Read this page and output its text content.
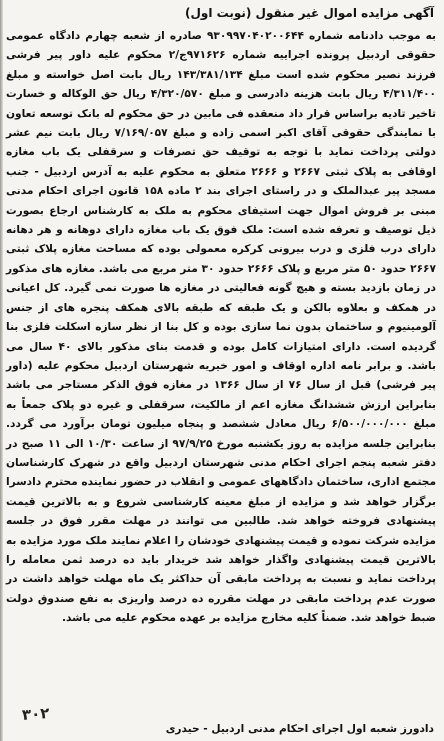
آگهی مزایده اموال غیر منقول (نوبت اول)
به موجب دادنامه شماره ۹۳۰۹۹۷۰۴۰۲۰۰۶۴۴ صادره از شعبه چهارم دادگاه عمومی حقوقی اردبیل پرونده اجراییه شماره ۹۷۱۶۲۶ج/۲ محکوم علیه داور پیر فرشی فرزند نصیر محکوم شده است مبلغ ۱۴۳/۳۸۱/۱۳۴ ریال بابت اصل خواسته و مبلغ ۴/۳۱۱/۴۰۰ ریال بابت هزینه دادرسی و مبلغ ۴/۳۲۰/۵۷۰ ریال حق الوکاله و خسارت تاخیر تادیه براساس قرار داد منعقده فی مابین در حق محکوم له بانک توسعه تعاون با نمایندگی حقوقی آقای اکبر اسمی زاده و مبلغ ۷/۱۶۹/۰۵۷ ریال بابت نیم عشر دولتی پرداخت نماید با توجه به توقیف حق تصرفات و سرقفلی یک باب مغازه اوقافی به پلاک ثبتی ۲۶۶۷ و ۲۶۶۶ متعلق به محکوم علیه به آدرس اردبیل - جنب مسجد پیر عبدالملک و در راستای اجرای بند ۲ ماده ۱۵۸ قانون اجرای احکام مدنی مبنی بر فروش اموال جهت استیفای محکوم به ملک به کارشناس ارجاع بصورت ذیل توصیف و تعرفه شده است: ملک فوق یک باب مغازه دارای دوهانه و هر دهانه دارای درب فلزی و درب بیرونی کرکره معمولی بوده که مساحت مغازه پلاک ثبتی ۲۶۶۷ حدود ۵۰ متر مربع و پلاک ۲۶۶۶ حدود ۳۰ متر مربع می باشد. مغازه های مذکور در زمان بازدید بسته و هیچ گونه فعالیتی در مغازه ها صورت نمی گیرد. کل اعیانی در همکف و بعلاوه بالکن و یک طبقه که طبقه بالای همکف پنجره های از جنس آلومینیوم و ساختمان بدون نما سازی بوده و کل بنا از نظر سازه اسکلت فلزی بنا گردیده است. دارای امتیازات کامل بوده و قدمت بنای مذکور بالای ۴۰ سال می باشد. و برابر نامه اداره اوقاف و امور خیریه شهرستان اردبیل محکوم علیه (داور پیر فرشی) قبل از سال ۷۶ از سال ۱۳۶۶ در مغازه فوق الذکر مستاجر می باشد بنابراین ارزش ششدانگ مغازه اعم از مالکیت، سرقفلی و غیره دو پلاک جمعاً به مبلغ ۶/۵۰۰/۰۰۰/۰۰۰ ریال معادل ششصد و پنجاه میلیون تومان برآورد می گردد. بنابراین جلسه مزایده به روز یکشنبه مورخ ۹۷/۹/۲۵ از ساعت ۱۰/۳۰ الی ۱۱ صبح در دفتر شعبه پنجم اجرای احکام مدنی شهرستان اردبیل واقع در شهرک کارشناسان مجتمع اداری، ساختمان دادگاههای عمومی و انقلاب در حضور نماینده محترم دادسرا برگزار خواهد شد و مزایده از مبلغ معینه کارشناسی شروع و به بالاترین قیمت پیشنهادی فروخته خواهد شد. طالبین می توانند در مهلت مقرر فوق در جلسه مزایده شرکت نموده و قیمت پیشنهادی خودشان را اعلام نمایند ملک مورد مزایده به بالاترین قیمت پیشنهادی واگذار خواهد شد خریدار باید ده درصد ثمن معامله را پرداخت نماید و نسبت به پرداخت مابقی آن حداکثر یک ماه مهلت خواهد داشت در صورت عدم پرداخت مابقی در مهلت مقرره ده درصد واریزی به نفع صندوق دولت ضبط خواهد شد. ضمناً کلیه مخارج مزایده بر عهده محکوم علیه می باشد.
دادورز شعبه اول اجرای احکام مدنی اردبیل - حیدری
۳۰۲
